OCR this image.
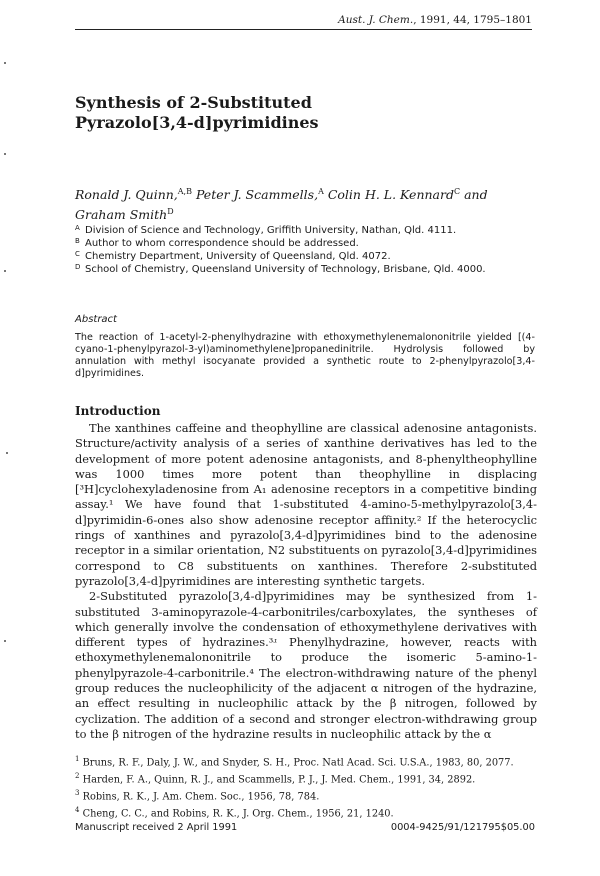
Aust. J. Chem., 1991, 44, 1795–1801
Synthesis of 2-Substituted
Pyrazolo[3,4-d]pyrimidines
Ronald J. Quinn,$^{A,B}$ Peter J. Scammells,$^A$ Colin H. L. Kennard$^C$ and
Graham Smith$^D$
A Division of Science and Technology, Griffith University, Nathan, Qld. 4111.
B Author to whom correspondence should be addressed.
C Chemistry Department, University of Queensland, Qld. 4072.
D School of Chemistry, Queensland University of Technology, Brisbane, Qld. 4000.
Abstract
The reaction of 1-acetyl-2-phenylhydrazine with ethoxymethylenemalononitrile yielded [(4-cyano-1-phenylpyrazol-3-yl)aminomethylene]propanedinitrile. Hydrolysis followed by annulation with methyl isocyanate provided a synthetic route to 2-phenylpyrazolo[3,4-d]pyrimidines.
Introduction

The xanthines caffeine and theophylline are classical adenosine antagonists. Structure/activity analysis of a series of xanthine derivatives has led to the development of more potent adenosine antagonists, and 8-phenyltheophylline was 1000 times more potent than theophylline in displacing [³H]cyclohexyladenosine from A₁ adenosine receptors in a competitive binding assay.¹ We have found that 1-substituted 4-amino-5-methylpyrazolo[3,4-d]pyrimidin-6-ones also show adenosine receptor affinity.² If the heterocyclic rings of xanthines and pyrazolo[3,4-d]pyrimidines bind to the adenosine receptor in a similar orientation, N2 substituents on pyrazolo[3,4-d]pyrimidines correspond to C8 substituents on xanthines. Therefore 2-substituted pyrazolo[3,4-d]pyrimidines are interesting synthetic targets.

2-Substituted pyrazolo[3,4-d]pyrimidines may be synthesized from 1-substituted 3-aminopyrazole-4-carbonitriles/carboxylates, the syntheses of which generally involve the condensation of ethoxymethylene derivatives with different types of hydrazines.³ʴ Phenylhydrazine, however, reacts with ethoxymethylenemalononitrile to produce the isomeric 5-amino-1-phenylpyrazole-4-carbonitrile.⁴ The electron-withdrawing nature of the phenyl group reduces the nucleophilicity of the adjacent α nitrogen of the hydrazine, an effect resulting in nucleophilic attack by the β nitrogen, followed by cyclization. The addition of a second and stronger electron-withdrawing group to the β nitrogen of the hydrazine results in nucleophilic attack by the α

$^1$ Bruns, R. F., Daly, J. W., and Snyder, S. H., Proc. Natl Acad. Sci. U.S.A., 1983, 80, 2077.
$^2$ Harden, F. A., Quinn, R. J., and Scammells, P. J., J. Med. Chem., 1991, 34, 2892.
$^3$ Robins, R. K., J. Am. Chem. Soc., 1956, 78, 784.
$^4$ Cheng, C. C., and Robins, R. K., J. Org. Chem., 1956, 21, 1240.
Manuscript received 2 April 1991	0004-9425/91/121795$05.00
